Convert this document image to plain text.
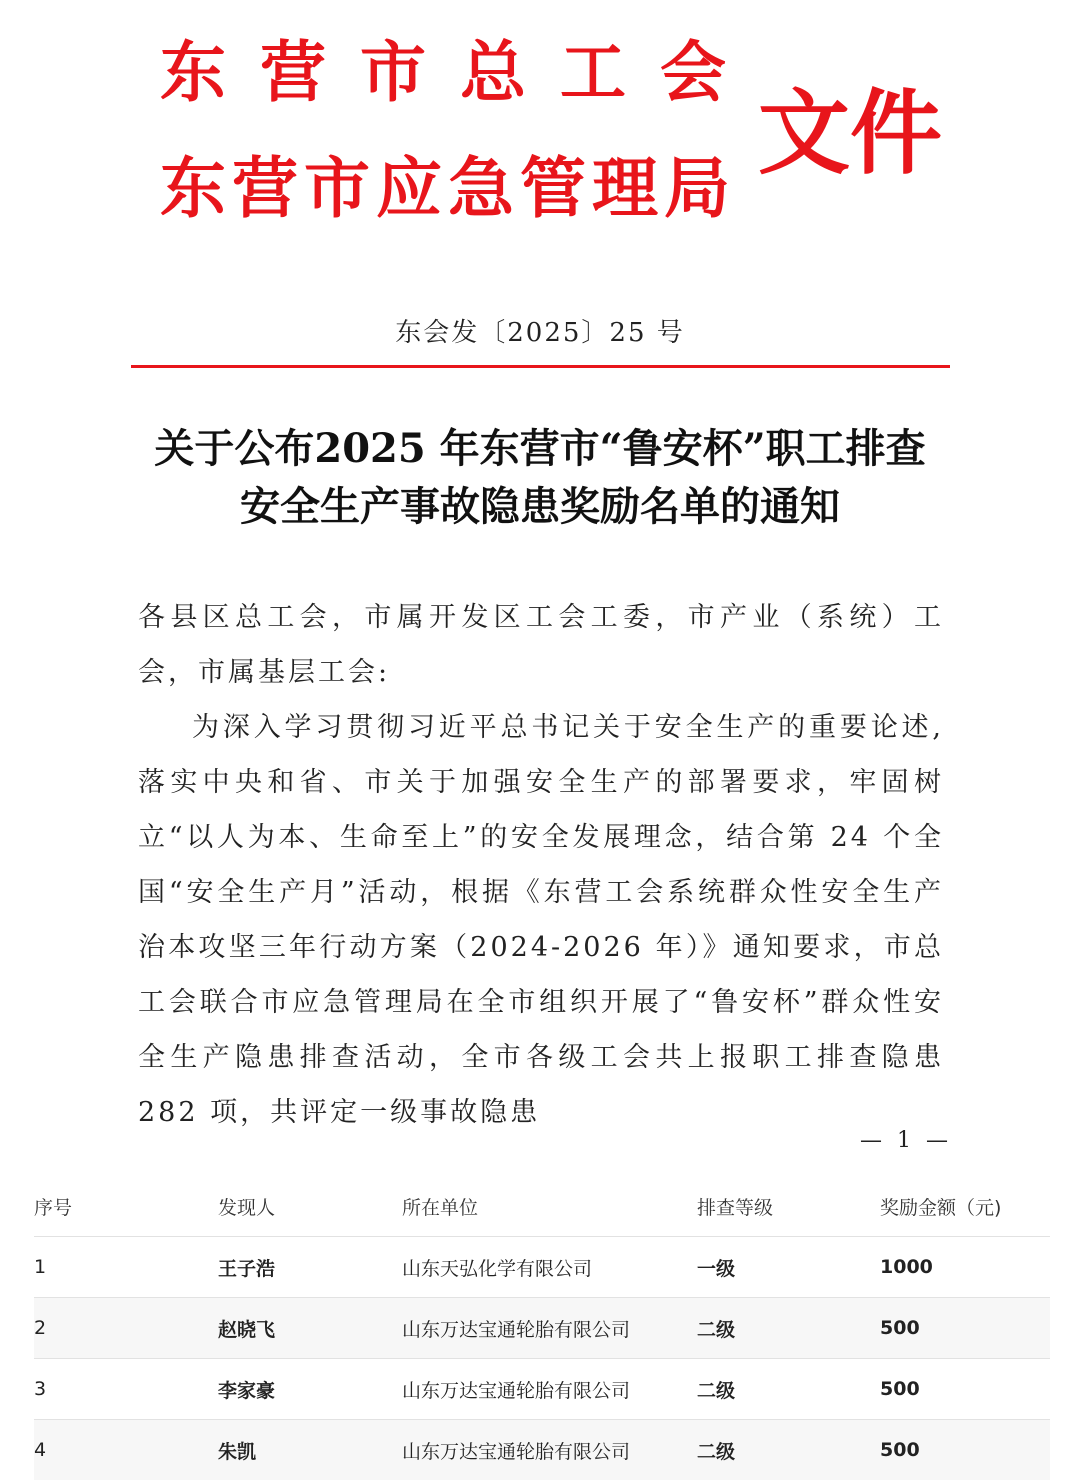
东营市总工会

东营市应急管理局

文件
东会发〔2025〕25 号
关于公布2025 年东营市“鲁安杯”职工排查
安全生产事故隐患奖励名单的通知

各县区总工会，市属开发区工会工委，市产业（系统）工会，市属基层工会:

为深入学习贯彻习近平总书记关于安全生产的重要论述,落实中央和省、市关于加强安全生产的部署要求，牢固树立“以人为本、生命至上”的安全发展理念，结合第 24 个全国“安全生产月”活动，根据《东营工会系统群众性安全生产治本攻坚三年行动方案（2024-2026 年）》通知要求，市总工会联合市应急管理局在全市组织开展了“鲁安杯”群众性安全生产隐患排查活动，全市各级工会共上报职工排查隐患 282 项，共评定一级事故隐患

— 1 —
序号	发现人	所在单位	排查等级	奖励金额（元)
1	王子浩	山东天弘化学有限公司	一级	1000
2	赵晓飞	山东万达宝通轮胎有限公司	二级	500
3	李家豪	山东万达宝通轮胎有限公司	二级	500
4	朱凯	山东万达宝通轮胎有限公司	二级	500
